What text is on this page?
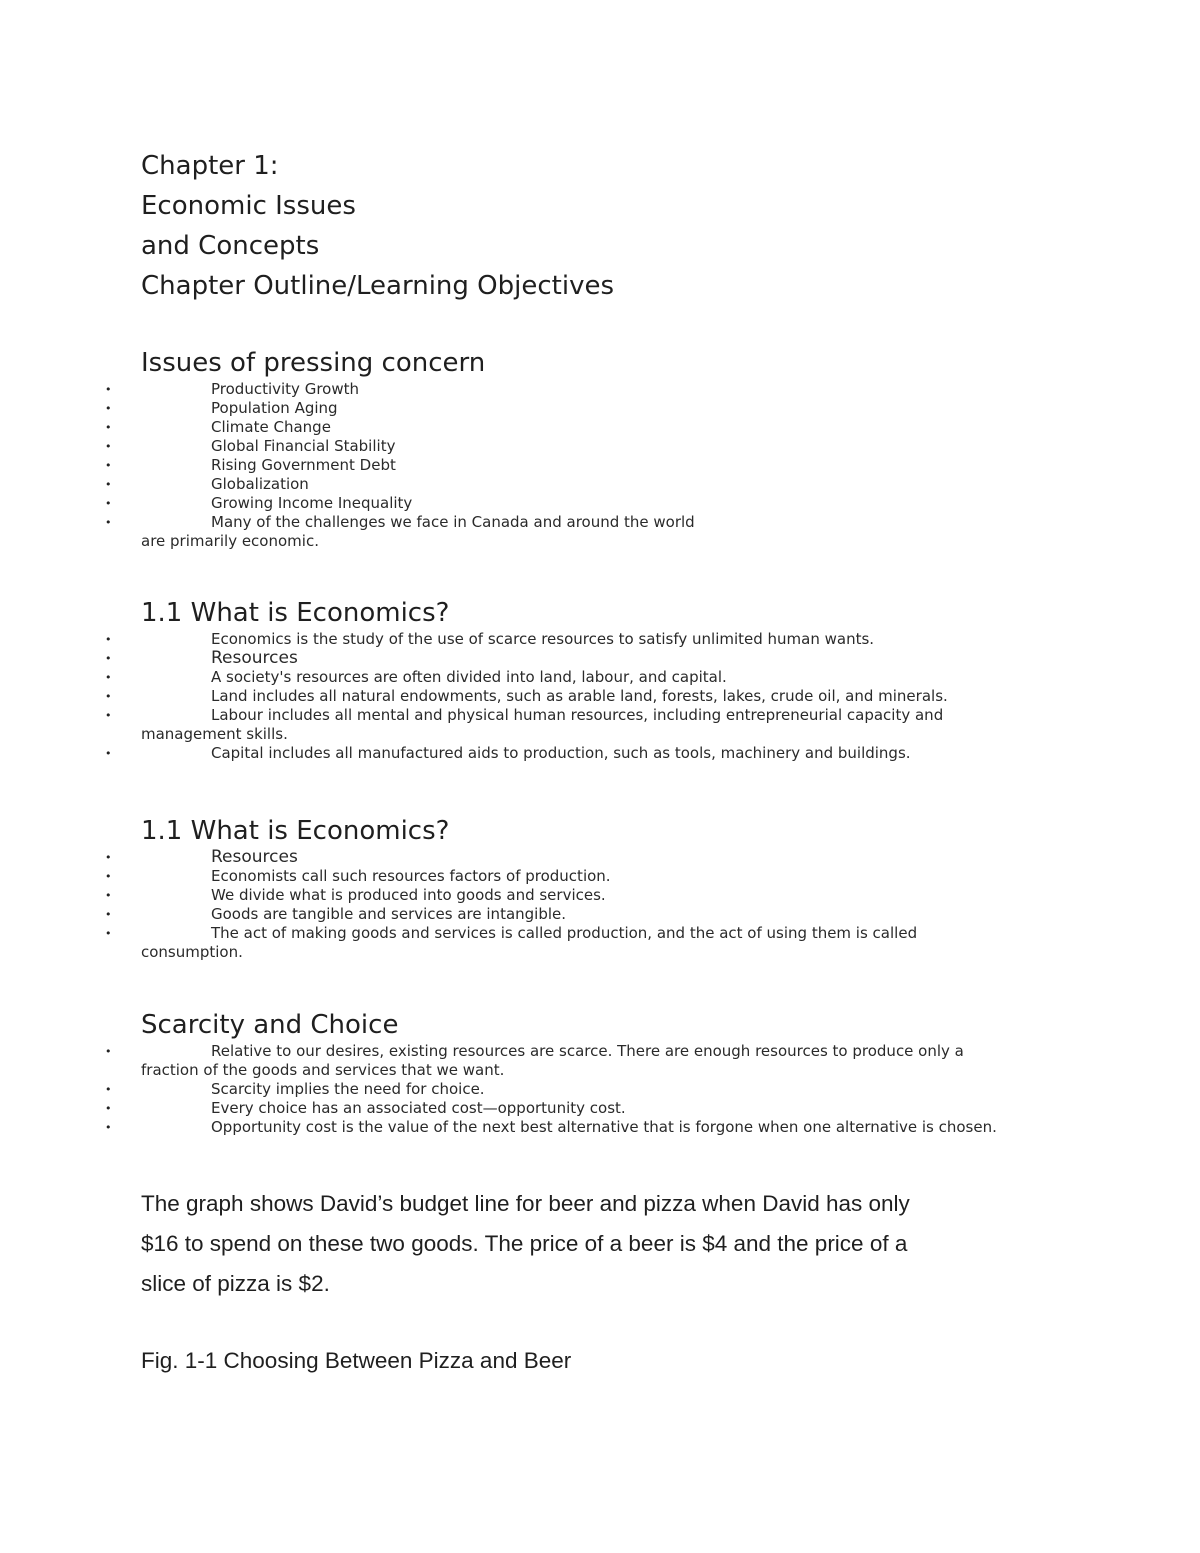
Chapter 1:
Economic Issues
and Concepts
Chapter Outline/Learning Objectives
Issues of pressing concern
•	Productivity Growth
•	Population Aging
•	Climate Change
•	Global Financial Stability
•	Rising Government Debt
•	Globalization
•	Growing Income Inequality
•	Many of the challenges we face in Canada and around the world
are primarily economic.
1.1 What is Economics?
•	Economics is the study of the use of scarce resources to satisfy unlimited human wants.
•	Resources
•	A society's resources are often divided into land, labour, and capital.
•	Land includes all natural endowments, such as arable land, forests, lakes, crude oil, and minerals.
•	Labour includes all mental and physical human resources, including entrepreneurial capacity and
management skills.
•	Capital includes all manufactured aids to production, such as tools, machinery and buildings.
1.1 What is Economics?
•	Resources
•	Economists call such resources factors of production.
•	We divide what is produced into goods and services.
•	Goods are tangible and services are intangible.
•	The act of making goods and services is called production, and the act of using them is called
consumption.
Scarcity and Choice
•	Relative to our desires, existing resources are scarce. There are enough resources to produce only a
fraction of the goods and services that we want.
•	Scarcity implies the need for choice.
•	Every choice has an associated cost—opportunity cost.
•	Opportunity cost is the value of the next best alternative that is forgone when one alternative is chosen.
The graph shows David’s budget line for beer and pizza when David has only
$16 to spend on these two goods. The price of a beer is $4 and the price of a
slice of pizza is $2.
Fig. 1-1 Choosing Between Pizza and Beer
